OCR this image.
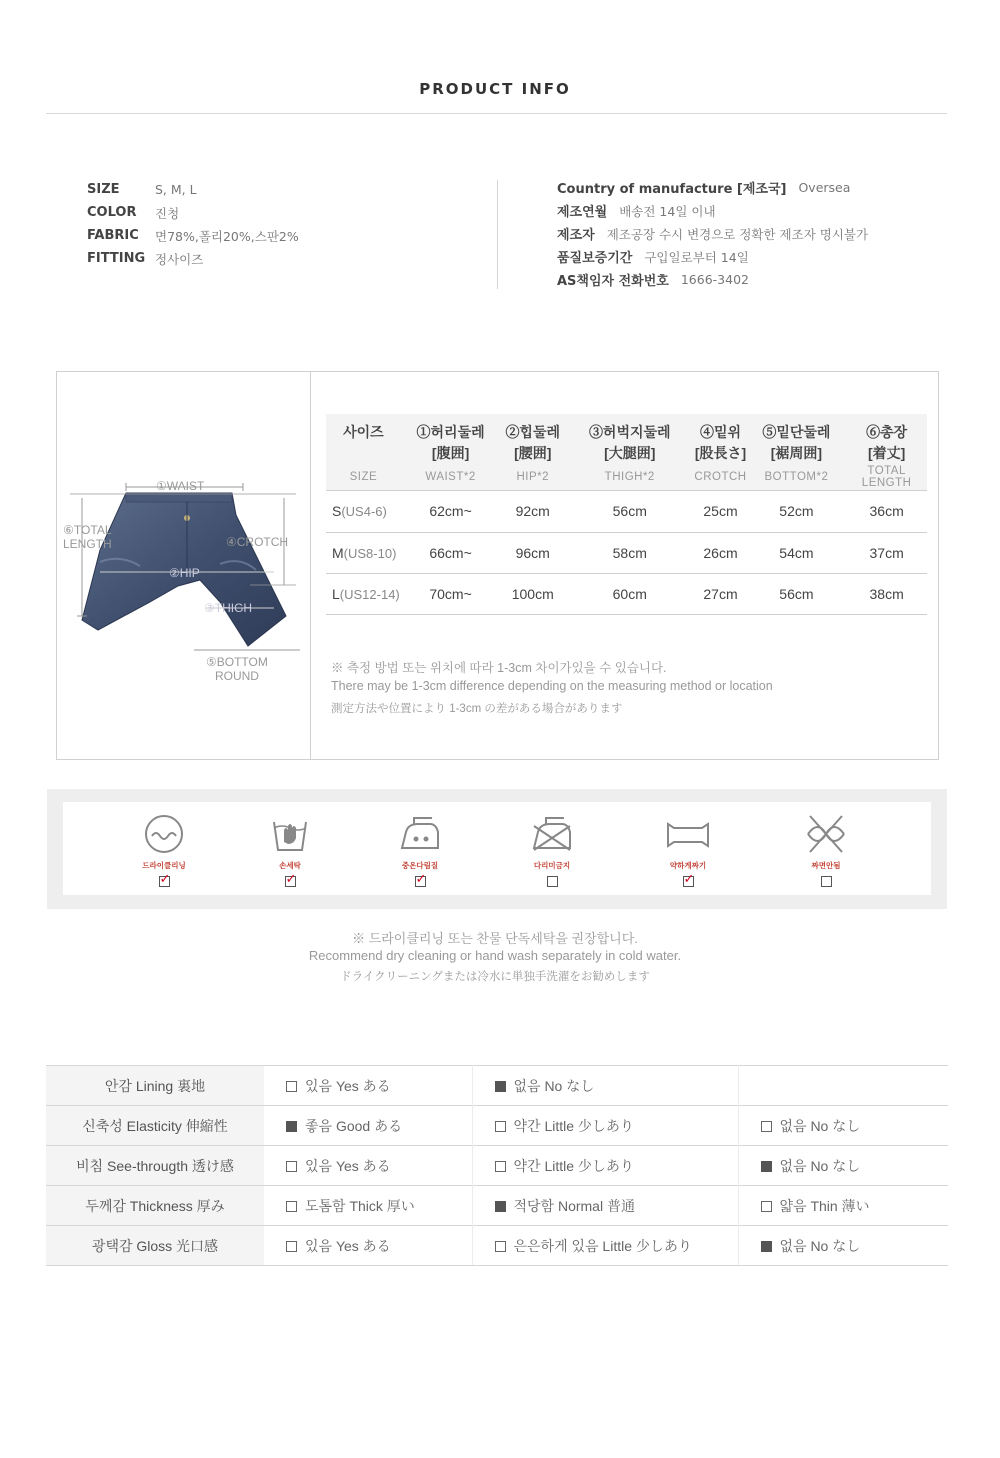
PRODUCT INFO
SIZE	S, M, L
COLOR	진청
FABRIC	면78%,폴리20%,스판2%
FITTING 정사이즈
Country of manufacture [제조국] Oversea
제조연월 배송전 14일 이내
제조자 제조공장 수시 변경으로 정확한 제조자 명시불가
품질보증기간 구입일로부터 14일
AS책임자 전화번호 1666-3402
①WAIST
⑥TOTAL
LENGTH	④CROTCH
②HIP
③THIGH
⑤BOTTOM
ROUND
사이즈	①허리둘레	②힙둘레	③허벅지둘레	④밑위	⑤밑단둘레	⑥총장
	[腹囲]	[腰囲]	[大腿囲]	[股長さ]	[裾周囲]	[着丈]
SIZE	WAIST*2	HIP*2	THIGH*2	CROTCH	BOTTOM*2	TOTAL LENGTH
S(US4-6)	62cm~	92cm	56cm	25cm	52cm	36cm
M(US8-10)	66cm~	96cm	58cm	26cm	54cm	37cm
L(US12-14)	70cm~	100cm	60cm	27cm	56cm	38cm
※ 측정 방법 또는 위치에 따라 1-3cm 차이가있을 수 있습니다.
There may be 1-3cm difference depending on the measuring method or location
測定方法や位置により 1-3cm の差がある場合があります
드라이클리닝
✓	손세탁
✓	중온다림질
✓	다리미금지	약하게짜기
✓	짜면안됨
※ 드라이클리닝 또는 찬물 단독세탁을 권장합니다.
Recommend dry cleaning or hand wash separately in cold water.
ドライクリーニングまたは冷水に単独手洗濯をお勧めします
안감 Lining 裏地	있음 Yes ある	없음 No なし	
신축성 Elasticity 伸縮性	좋음 Good ある	약간 Little 少しあり	없음 No なし
비침 See-througth 透け感	있음 Yes ある	약간 Little 少しあり	없음 No なし
두께감 Thickness 厚み	도톰함 Thick 厚い	적당함 Normal 普通	얇음 Thin 薄い
광택감 Gloss 光口感	있음 Yes ある	은은하게 있음 Little 少しあり	없음 No なし
